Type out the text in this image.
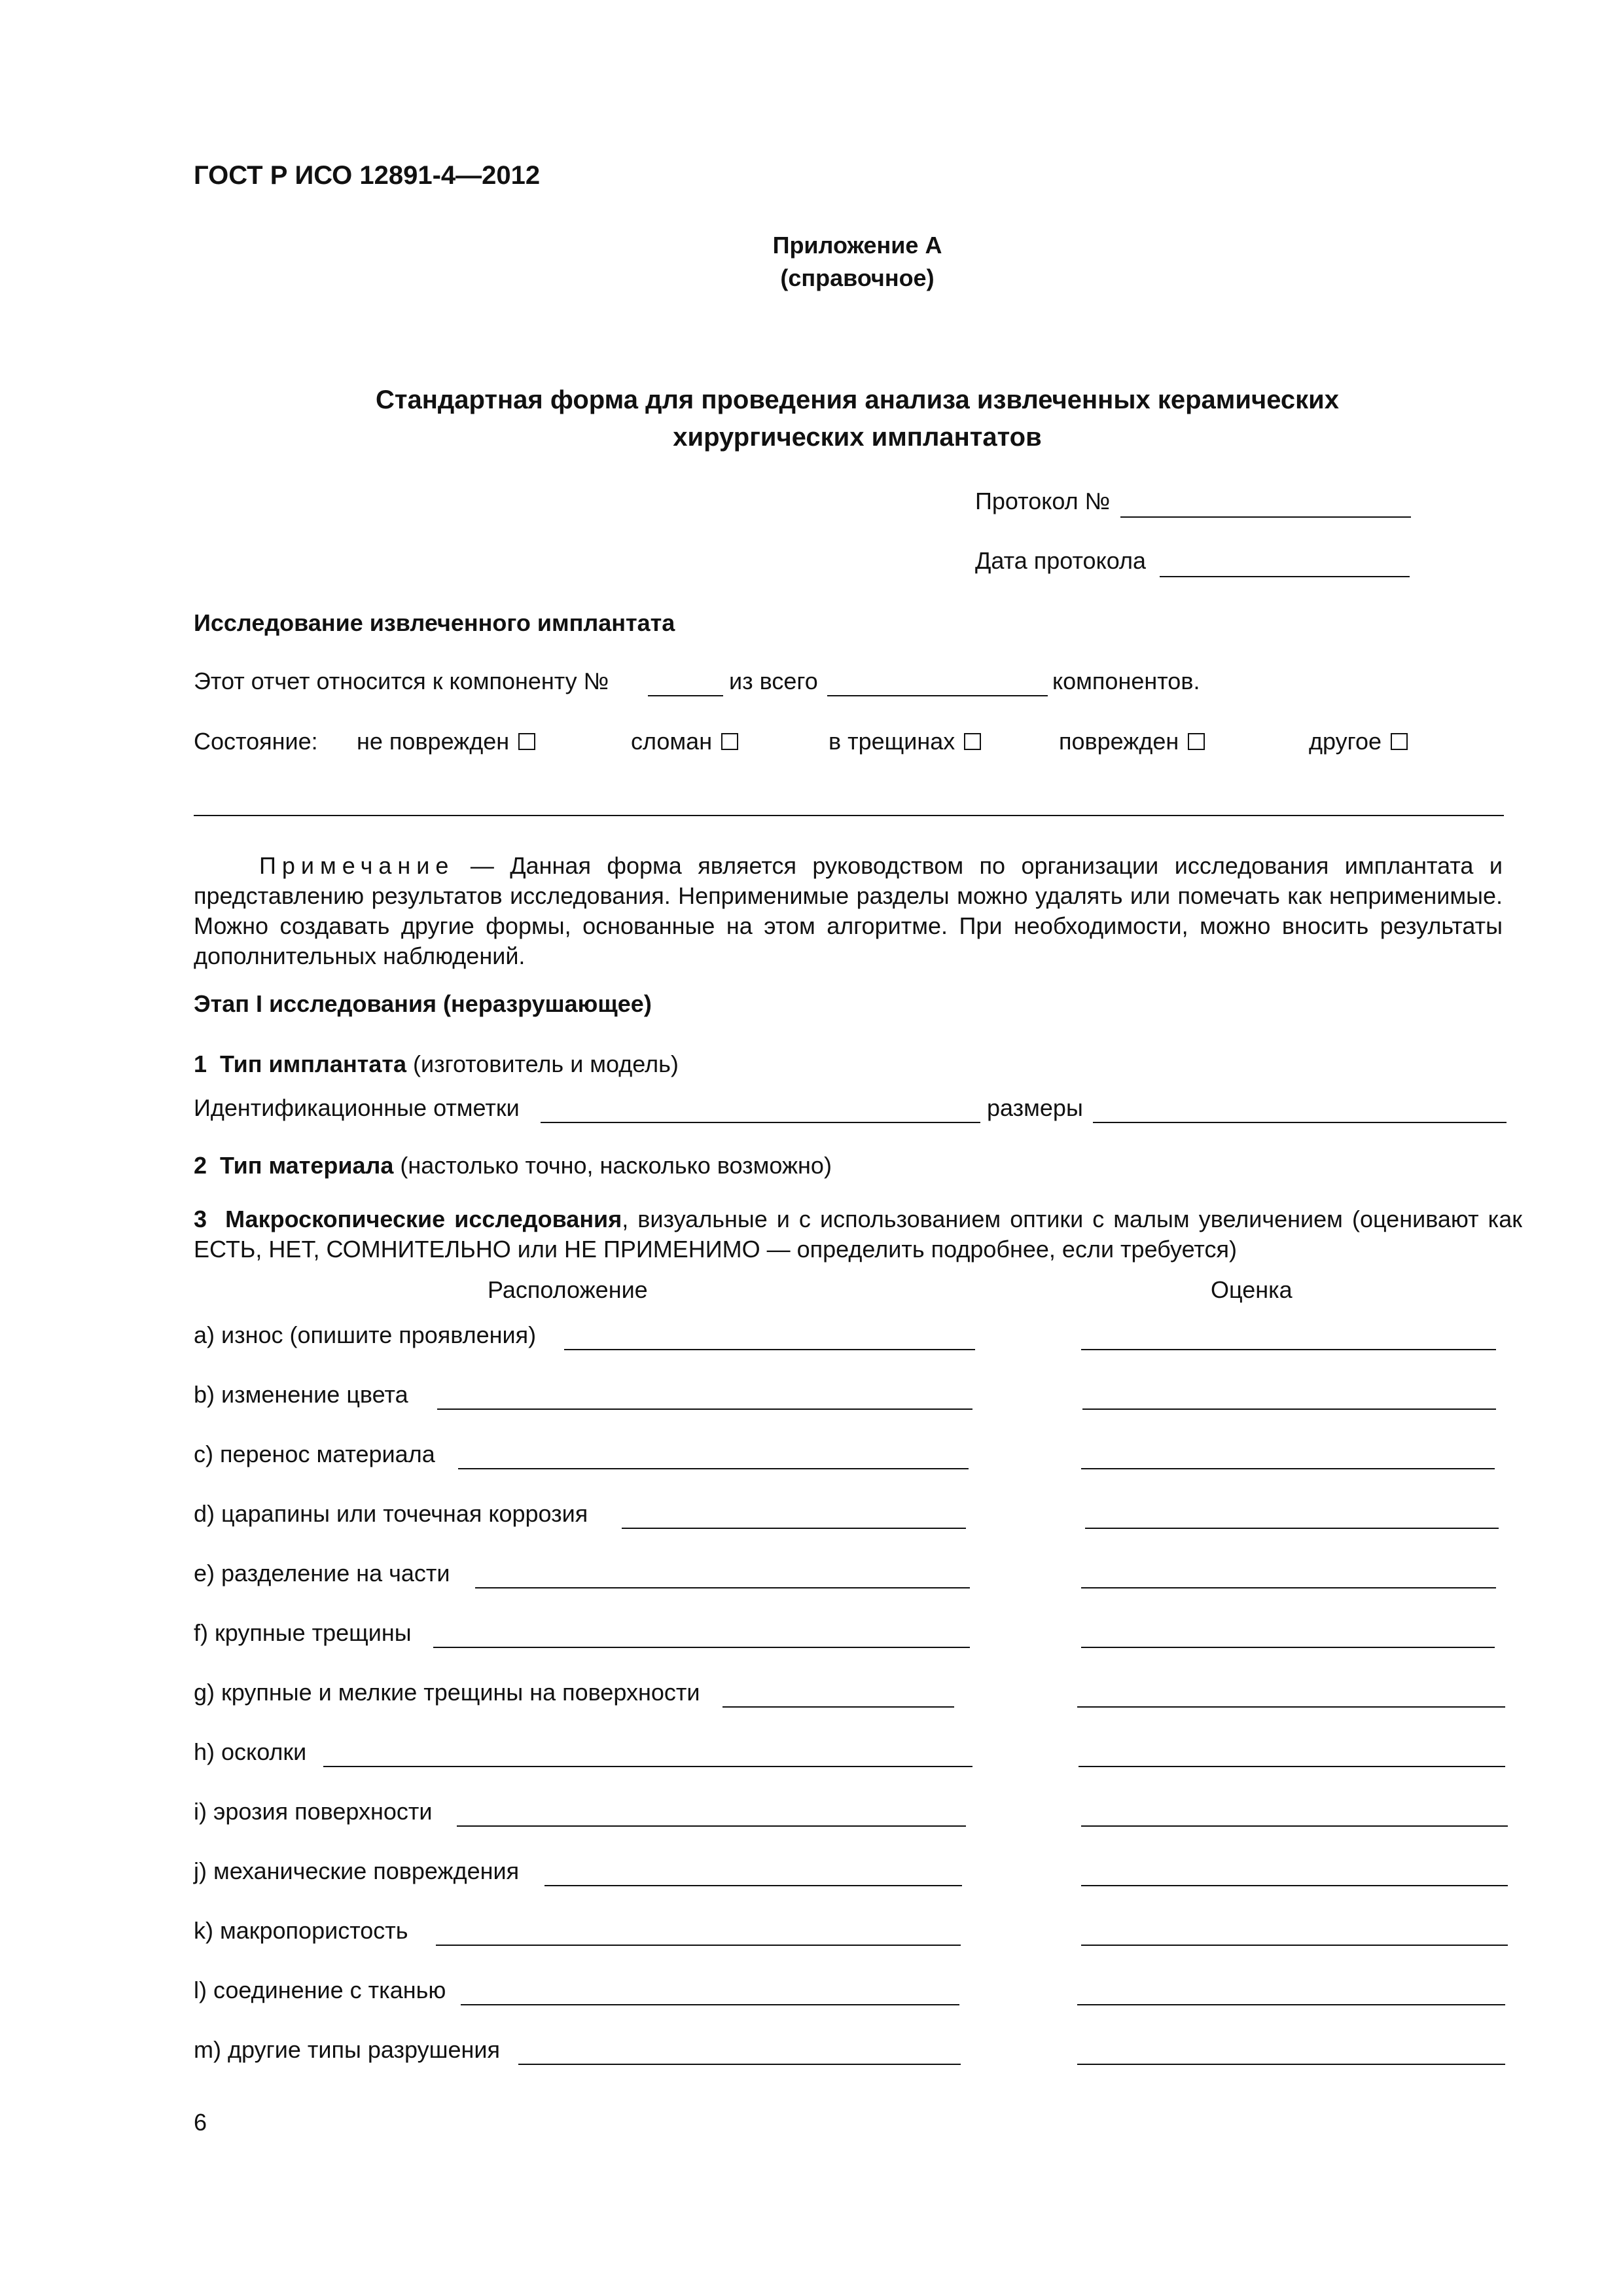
ГОСТ Р ИСО 12891-4—2012
Приложение А
(справочное)
Стандартная форма для проведения анализа извлеченных керамических
хирургических имплантатов
Протокол №
Дата протокола
Исследование извлеченного имплантата
Этот отчет относится к компоненту №	из всего	компонентов.
Состояние: не поврежден	сломан	в трещинах	поврежден	другое
Примечание — Данная форма является руководством по организации исследования имплантата и представлению результатов исследования. Неприменимые разделы можно удалять или помечать как неприменимые. Можно создавать другие формы, основанные на этом алгоритме. При необходимости, можно вносить результаты дополнительных наблюдений.
Этап I исследования (неразрушающее)
1 Тип имплантата (изготовитель и модель)
Идентификационные отметки	размеры
2 Тип материала (настолько точно, насколько возможно)
3 Макроскопические исследования, визуальные и с использованием оптики с малым увеличением (оценивают как ЕСТЬ, НЕТ, СОМНИТЕЛЬНО или НЕ ПРИМЕНИМО — определить подробнее, если требуется)
Расположение	Оценка
a) износ (опишите проявления)
b) изменение цвета
c) перенос материала
d) царапины или точечная коррозия
e) разделение на части
f) крупные трещины
g) крупные и мелкие трещины на поверхности
h) осколки
i) эрозия поверхности
j) механические повреждения
k) макропористость
l) соединение с тканью
m) другие типы разрушения
6
